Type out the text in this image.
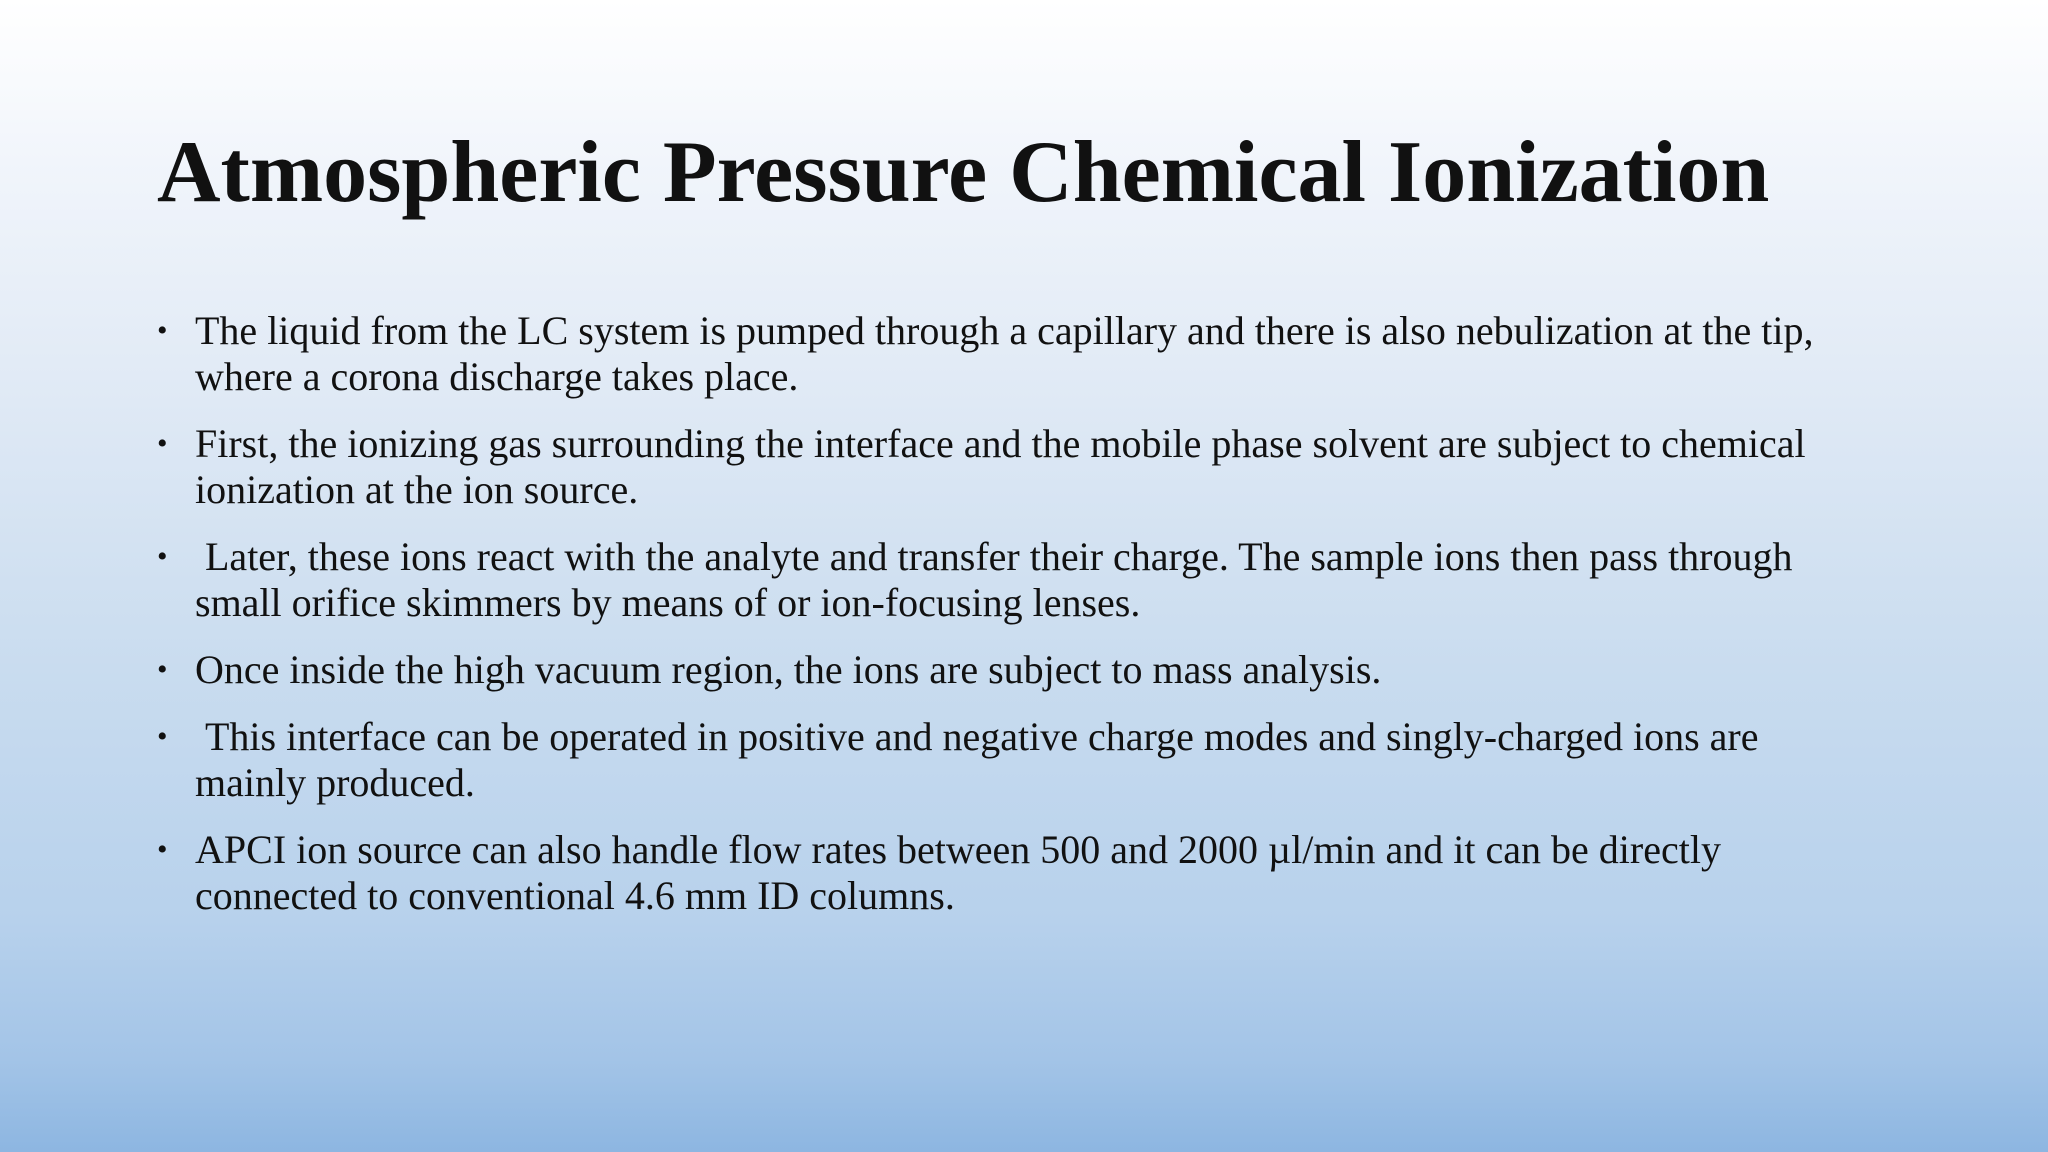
Atmospheric Pressure Chemical Ionization
• The liquid from the LC system is pumped through a capillary and there is also nebulization at the tip, where a corona discharge takes place.
• First, the ionizing gas surrounding the interface and the mobile phase solvent are subject to chemical ionization at the ion source.
• Later, these ions react with the analyte and transfer their charge. The sample ions then pass through small orifice skimmers by means of or ion-focusing lenses.
• Once inside the high vacuum region, the ions are subject to mass analysis.
• This interface can be operated in positive and negative charge modes and singly-charged ions are mainly produced.
• APCI ion source can also handle flow rates between 500 and 2000 µl/min and it can be directly connected to conventional 4.6 mm ID columns.
